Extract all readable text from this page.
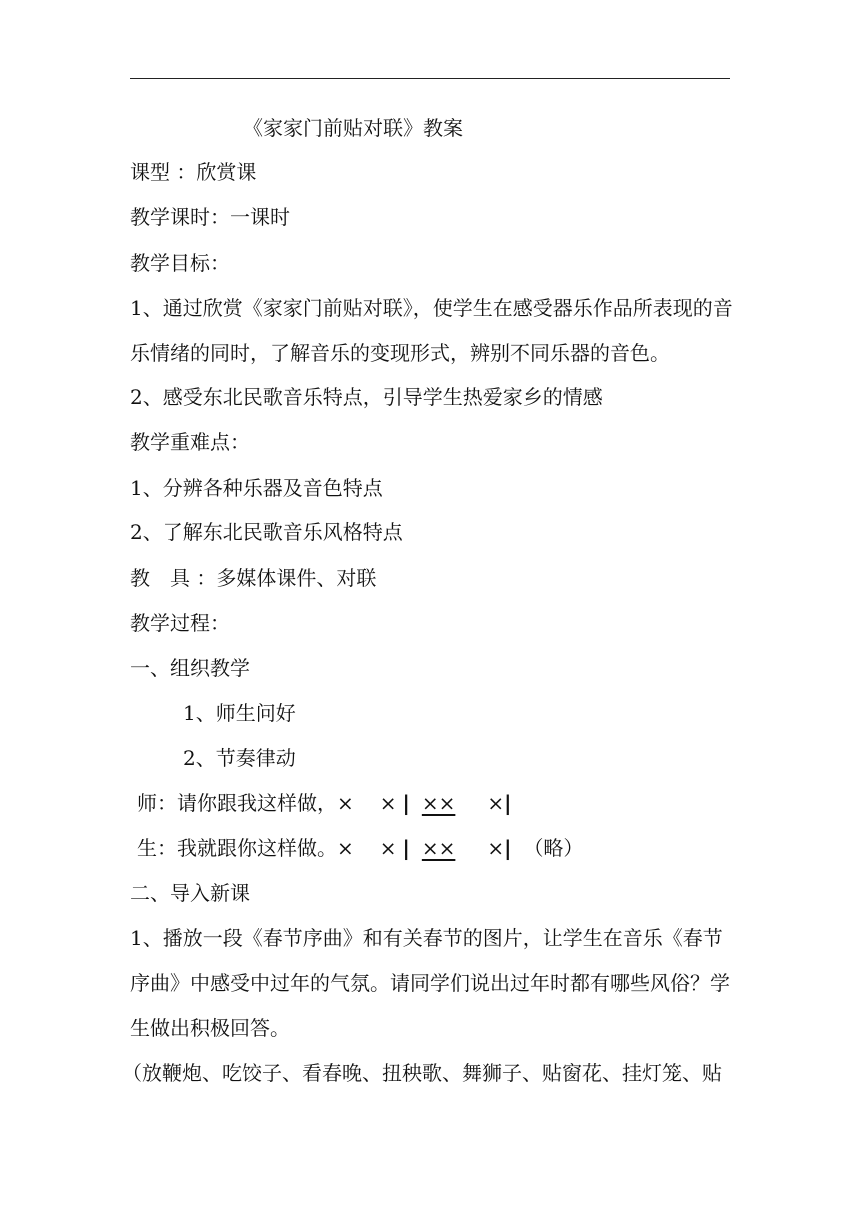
《家家门前贴对联》教案
课型 ：欣赏课
教学课时：一课时
教学目标：
1、通过欣赏《家家门前贴对联》，使学生在感受器乐作品所表现的音
乐情绪的同时，了解音乐的变现形式，辨别不同乐器的音色。
2、感受东北民歌音乐特点，引导学生热爱家乡的情感
教学重难点：
1、分辨各种乐器及音色特点
2、了解东北民歌音乐风格特点
教　具 ：多媒体课件、对联
教学过程：
一、组织教学
1、师生问好
2、节奏律动
师：请你跟我这样做，× × | ×× ×|
生：我就跟你这样做。× × | ×× ×| （略）
二、导入新课
1、播放一段《春节序曲》和有关春节的图片，让学生在音乐《春节
序曲》中感受中过年的气氛。请同学们说出过年时都有哪些风俗？学
生做出积极回答。
（放鞭炮、吃饺子、看春晚、扭秧歌、舞狮子、贴窗花、挂灯笼、贴
